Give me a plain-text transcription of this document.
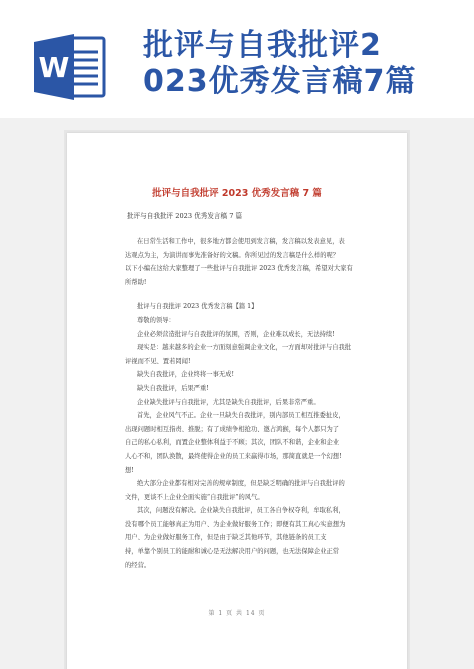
W
批评与自我批评2
023优秀发言稿7篇
批评与自我批评 2023 优秀发言稿 7 篇
批评与自我批评 2023 优秀发言稿 7 篇

在日常生活和工作中，很多地方都会使用到发言稿，发言稿以发表意见，表

达观点为主，为演讲而事先准备好的文稿。你所见过的发言稿是什么样的呢？

以下小编在这给大家整理了一些批评与自我批评 2023 优秀发言稿，希望对大家有

所帮助!

批评与自我批评 2023 优秀发言稿【篇 1】

尊敬的领导：

企业必须营造批评与自我批评的氛围，否则，企业难以成长，无法持续!

现实是：越来越多的企业一方面刻意强调企业文化，一方面却对批评与自我批

评视而不见、置若罔闻!

缺失自我批评，企业终将一事无成!

缺失自我批评，后果严重!

企业缺失批评与自我批评，尤其是缺失自我批评，后果非常严重。

首先，企业风气不正。企业一旦缺失自我批评，别内部员工相互推委扯皮，

出现问题时相互指责、推脱；有了成绩争相抢功、邀占鸿猴，每个人都只为了

自己的私心私利，而置企业整体利益于不顾；其次，团队不和谐，企业和企业

人心不和，团队涣散，最终使得企业的员工来赢得市场，那简直就是一个幻想!

想!

绝大部分企业都有相对完善的规章制度，但是缺乏明确的批评与自我批评的

文件，更谈不上企业全面实施“自我批评”的风气。

其次，问题没有解决。企业缺失自我批评，员工各自争权夺利，牟取私利，

没有哪个员工能够真正为用户、为企业做好服务工作；即便有其工真心实意想为

用户、为企业做好服务工作，但是由于缺乏其他环节，其他链条的员工支

持，单靠个别员工的能耐和诚心是无法解决用户的问题，也无法保障企业正常

的经营。

第 1 页 共 14 页
